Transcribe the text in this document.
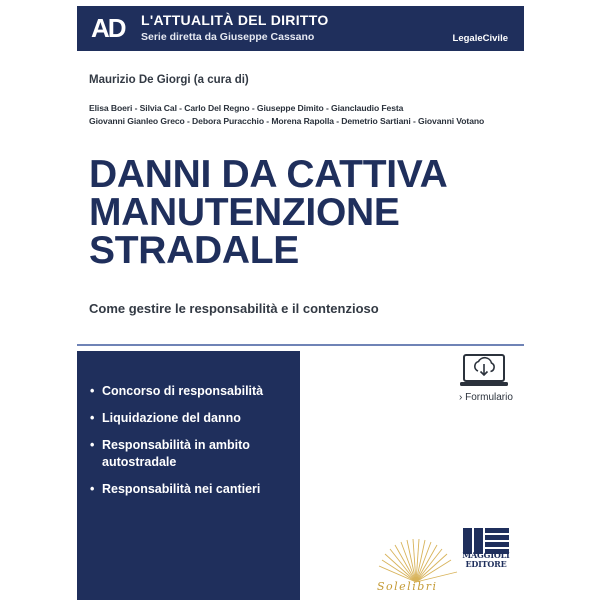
AD L'ATTUALITÀ DEL DIRITTO
Serie diretta da Giuseppe Cassano	LegaleCivile
Maurizio De Giorgi (a cura di)
Elisa Boeri - Silvia Cal - Carlo Del Regno - Giuseppe Dimito - Gianclaudio Festa
Giovanni Gianleo Greco - Debora Puracchio - Morena Rapolla - Demetrio Sartiani - Giovanni Votano
DANNI DA CATTIVA
MANUTENZIONE
STRADALE
Come gestire le responsabilità e il contenzioso
• Concorso di responsabilità
• Liquidazione del danno
• Responsabilità in ambito autostradale
• Responsabilità nei cantieri
› Formulario
Solelibri
MAGGIOLI
EDITORE
